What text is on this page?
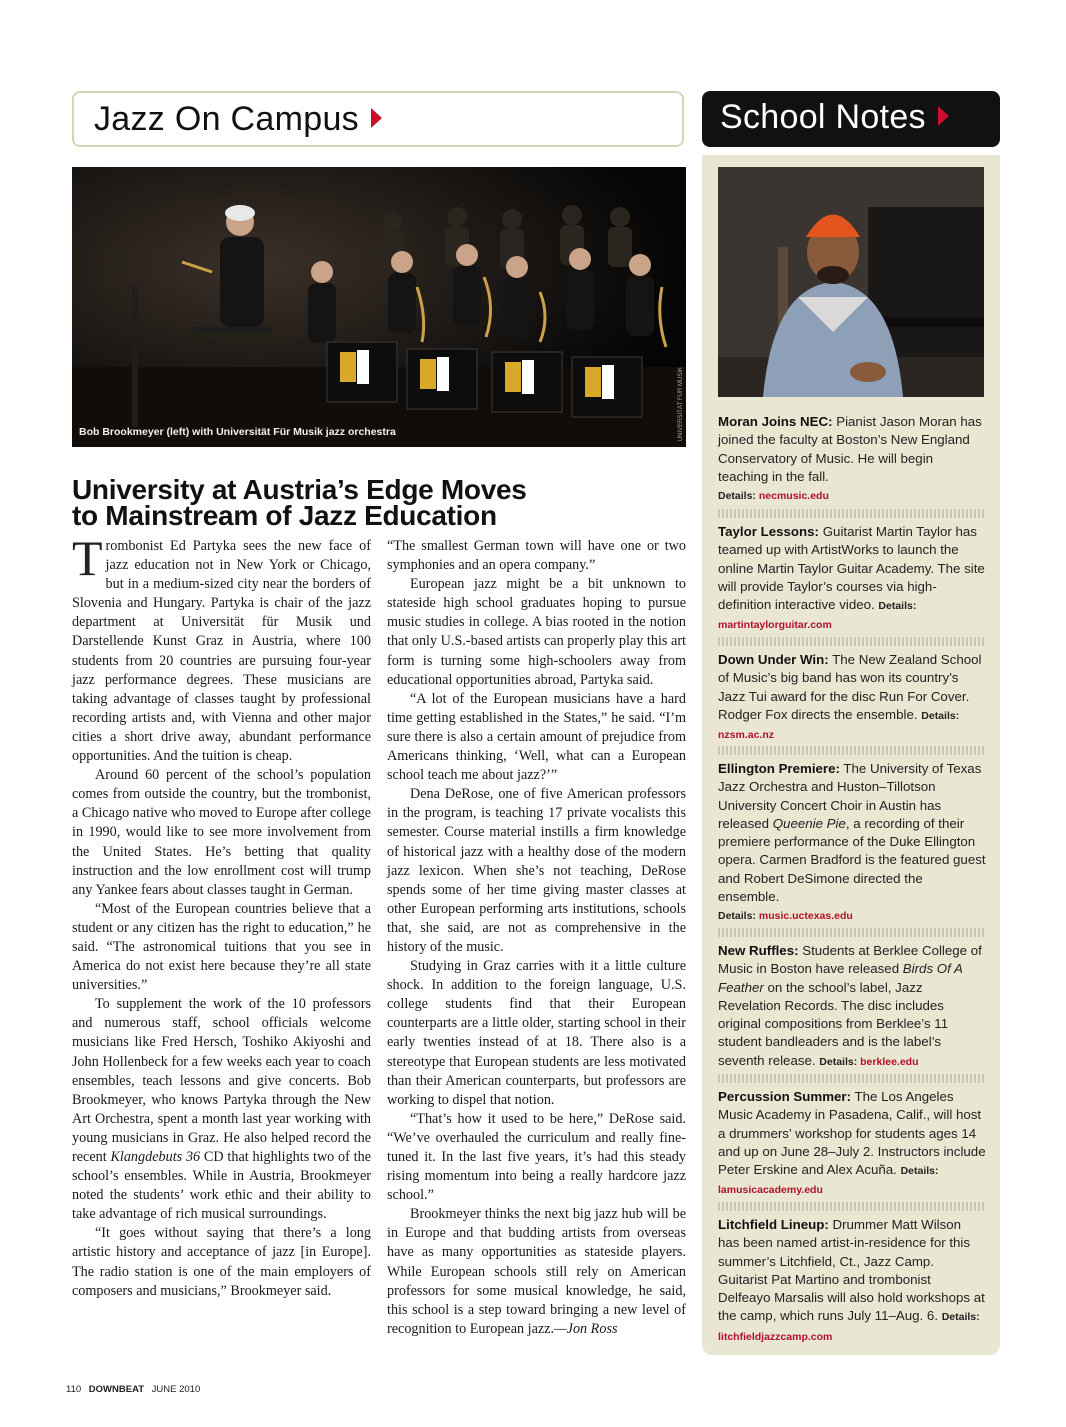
Jazz On Campus	School Notes
Bob Brookmeyer (left) with Universität Für Musik jazz orchestra	UNIVERSITÄT FÜR MUSIK
University at Austria’s Edge Moves
to Mainstream of Jazz Education

Trombonist Ed Partyka sees the new face of jazz education not in New York or Chicago, but in a medium-sized city near the borders of Slovenia and Hungary. Partyka is chair of the jazz department at Universität für Musik und Darstellende Kunst Graz in Austria, where 100 students from 20 countries are pursuing four-year jazz performance degrees. These musicians are taking advantage of classes taught by professional recording artists and, with Vienna and other major cities a short drive away, abundant performance opportunities. And the tuition is cheap.

Around 60 percent of the school’s population comes from outside the country, but the trombonist, a Chicago native who moved to Europe after college in 1990, would like to see more involvement from the United States. He’s betting that quality instruction and the low enrollment cost will trump any Yankee fears about classes taught in German.

“Most of the European countries believe that a student or any citizen has the right to education,” he said. “The astronomical tuitions that you see in America do not exist here because they’re all state universities.”

To supplement the work of the 10 professors and numerous staff, school officials welcome musicians like Fred Hersch, Toshiko Akiyoshi and John Hollenbeck for a few weeks each year to coach ensembles, teach lessons and give concerts. Bob Brookmeyer, who knows Partyka through the New Art Orchestra, spent a month last year working with young musicians in Graz. He also helped record the recent Klangdebuts 36 CD that highlights two of the school’s ensembles. While in Austria, Brookmeyer noted the students’ work ethic and their ability to take advantage of rich musical surroundings.

“It goes without saying that there’s a long artistic history and acceptance of jazz [in Europe]. The radio station is one of the main employers of composers and musicians,” Brookmeyer said.

“The smallest German town will have one or two symphonies and an opera company.”

European jazz might be a bit unknown to stateside high school graduates hoping to pursue music studies in college. A bias rooted in the notion that only U.S.-based artists can properly play this art form is turning some high-schoolers away from educational opportunities abroad, Partyka said.

“A lot of the European musicians have a hard time getting established in the States,” he said. “I’m sure there is also a certain amount of prejudice from Americans thinking, ‘Well, what can a European school teach me about jazz?’”

Dena DeRose, one of five American professors in the program, is teaching 17 private vocalists this semester. Course material instills a firm knowledge of historical jazz with a healthy dose of the modern jazz lexicon. When she’s not teaching, DeRose spends some of her time giving master classes at other European performing arts institutions, schools that, she said, are not as comprehensive in the history of the music.

Studying in Graz carries with it a little culture shock. In addition to the foreign language, U.S. college students find that their European counterparts are a little older, starting school in their early twenties instead of at 18. There also is a stereotype that European students are less motivated than their American counterparts, but professors are working to dispel that notion.

“That’s how it used to be here,” DeRose said. “We’ve overhauled the curriculum and really fine-tuned it. In the last five years, it’s had this steady rising momentum into being a really hardcore jazz school.”

Brookmeyer thinks the next big jazz hub will be in Europe and that budding artists from overseas have as many opportunities as stateside players. While European schools still rely on American professors for some musical knowledge, he said, this school is a step toward bringing a new level of recognition to European jazz.—Jon Ross

Moran Joins NEC: Pianist Jason Moran has joined the faculty at Boston’s New England Conservatory of Music. He will begin teaching in the fall.
Details: necmusic.edu
Taylor Lessons: Guitarist Martin Taylor has teamed up with ArtistWorks to launch the online Martin Taylor Guitar Academy. The site will provide Taylor’s courses via high-definition interactive video. Details: martintaylorguitar.com
Down Under Win: The New Zealand School of Music’s big band has won its country’s Jazz Tui award for the disc Run For Cover. Rodger Fox directs the ensemble. Details: nzsm.ac.nz
Ellington Premiere: The University of Texas Jazz Orchestra and Huston–Tillotson University Concert Choir in Austin has released Queenie Pie, a recording of their premiere performance of the Duke Ellington opera. Carmen Bradford is the featured guest and Robert DeSimone directed the ensemble.
Details: music.uctexas.edu
New Ruffles: Students at Berklee College of Music in Boston have released Birds Of A Feather on the school’s label, Jazz Revelation Records. The disc includes original compositions from Berklee’s 11 student bandleaders and is the label’s seventh release. Details: berklee.edu
Percussion Summer: The Los Angeles Music Academy in Pasadena, Calif., will host a drummers’ workshop for students ages 14 and up on June 28–July 2. Instructors include Peter Erskine and Alex Acuña. Details: lamusicacademy.edu
Litchfield Lineup: Drummer Matt Wilson has been named artist-in-residence for this summer’s Litchfield, Ct., Jazz Camp. Guitarist Pat Martino and trombonist Delfeayo Marsalis will also hold workshops at the camp, which runs July 11–Aug. 6. Details: litchfieldjazzcamp.com
110 DOWNBEAT JUNE 2010
